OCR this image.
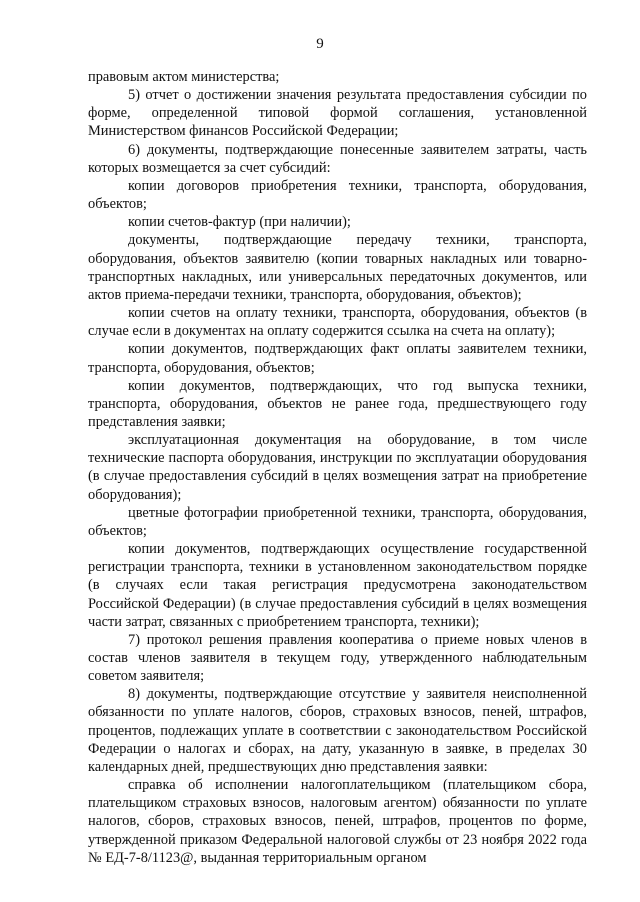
9

правовым актом министерства;

5) отчет о достижении значения результата предоставления субсидии по форме, определенной типовой формой соглашения, установленной Министерством финансов Российской Федерации;

6) документы, подтверждающие понесенные заявителем затраты, часть которых возмещается за счет субсидий:

копии договоров приобретения техники, транспорта, оборудования, объектов;

копии счетов-фактур (при наличии);

документы, подтверждающие передачу техники, транспорта, оборудования, объектов заявителю (копии товарных накладных или товарно-транспортных накладных, или универсальных передаточных документов, или актов приема-передачи техники, транспорта, оборудования, объектов);

копии счетов на оплату техники, транспорта, оборудования, объектов (в случае если в документах на оплату содержится ссылка на счета на оплату);

копии документов, подтверждающих факт оплаты заявителем техники, транспорта, оборудования, объектов;

копии документов, подтверждающих, что год выпуска техники, транспорта, оборудования, объектов не ранее года, предшествующего году представления заявки;

эксплуатационная документация на оборудование, в том числе технические паспорта оборудования, инструкции по эксплуатации оборудования (в случае предоставления субсидий в целях возмещения затрат на приобретение оборудования);

цветные фотографии приобретенной техники, транспорта, оборудования, объектов;

копии документов, подтверждающих осуществление государственной регистрации транспорта, техники в установленном законодательством порядке (в случаях если такая регистрация предусмотрена законодательством Российской Федерации) (в случае предоставления субсидий в целях возмещения части затрат, связанных с приобретением транспорта, техники);

7) протокол решения правления кооператива о приеме новых членов в состав членов заявителя в текущем году, утвержденного наблюдательным советом заявителя;

8) документы, подтверждающие отсутствие у заявителя неисполненной обязанности по уплате налогов, сборов, страховых взносов, пеней, штрафов, процентов, подлежащих уплате в соответствии с законодательством Российской Федерации о налогах и сборах, на дату, указанную в заявке, в пределах 30 календарных дней, предшествующих дню представления заявки:

справка об исполнении налогоплательщиком (плательщиком сбора, плательщиком страховых взносов, налоговым агентом) обязанности по уплате налогов, сборов, страховых взносов, пеней, штрафов, процентов по форме, утвержденной приказом Федеральной налоговой службы от 23 ноября 2022 года № ЕД-7-8/1123@, выданная территориальным органом
